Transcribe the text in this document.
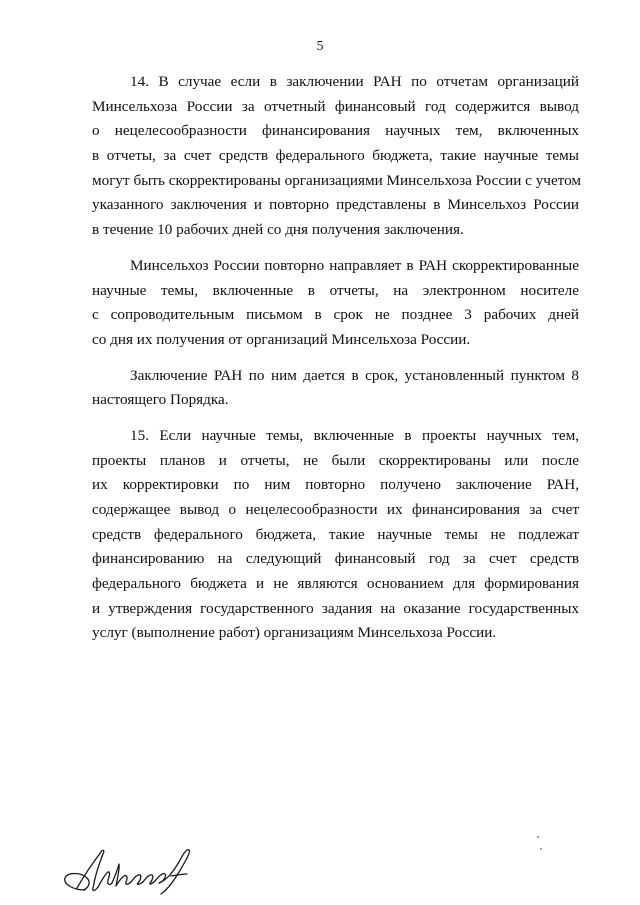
5

14. В случае если в заключении РАН по отчетам организаций
Минсельхоза России за отчетный финансовый год содержится вывод
о нецелесообразности финансирования научных тем, включенных
в отчеты, за счет средств федерального бюджета, такие научные темы
могут быть скорректированы организациями Минсельхоза России с учетом
указанного заключения и повторно представлены в Минсельхоз России
в течение 10 рабочих дней со дня получения заключения.

Минсельхоз России повторно направляет в РАН скорректированные
научные темы, включенные в отчеты, на электронном носителе
с сопроводительным письмом в срок не позднее 3 рабочих дней
со дня их получения от организаций Минсельхоза России.

Заключение РАН по ним дается в срок, установленный пунктом 8
настоящего Порядка.

15. Если научные темы, включенные в проекты научных тем,
проекты планов и отчеты, не были скорректированы или после
их корректировки по ним повторно получено заключение РАН,
содержащее вывод о нецелесообразности их финансирования за счет
средств федерального бюджета, такие научные темы не подлежат
финансированию на следующий финансовый год за счет средств
федерального бюджета и не являются основанием для формирования
и утверждения государственного задания на оказание государственных
услуг (выполнение работ) организациям Минсельхоза России.
